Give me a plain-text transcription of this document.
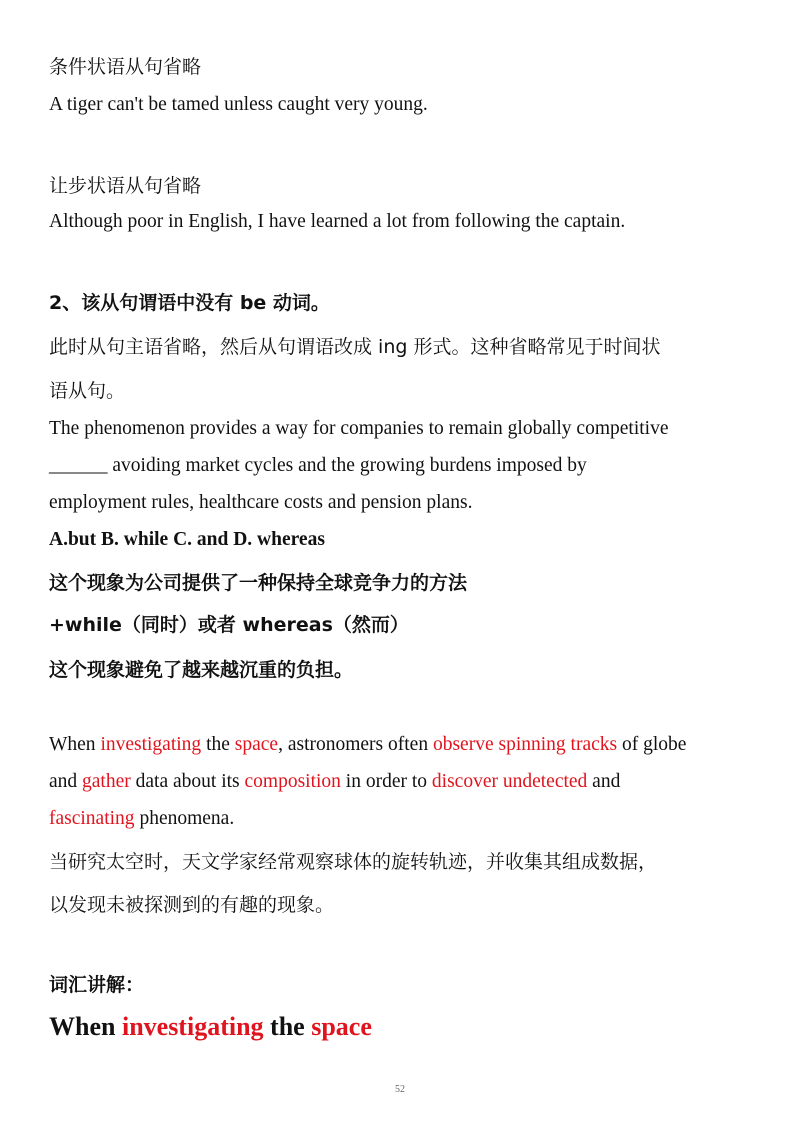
条件状语从句省略
A tiger can't be tamed unless caught very young.
让步状语从句省略
Although poor in English, I have learned a lot from following the captain.
2、该从句谓语中没有 be 动词。
此时从句主语省略，然后从句谓语改成 ing 形式。这种省略常见于时间状
语从句。
The phenomenon provides a way for companies to remain globally competitive
______ avoiding market cycles and the growing burdens imposed by
employment rules, healthcare costs and pension plans.
A.but B. while C. and D. whereas
这个现象为公司提供了一种保持全球竞争力的方法
+while（同时）或者 whereas（然而）
这个现象避免了越来越沉重的负担。
When investigating the space, astronomers often observe spinning tracks of globe
and gather data about its composition in order to discover undetected and
fascinating phenomena.
当研究太空时，天文学家经常观察球体的旋转轨迹，并收集其组成数据，
以发现未被探测到的有趣的现象。
词汇讲解：
When investigating the space
52
